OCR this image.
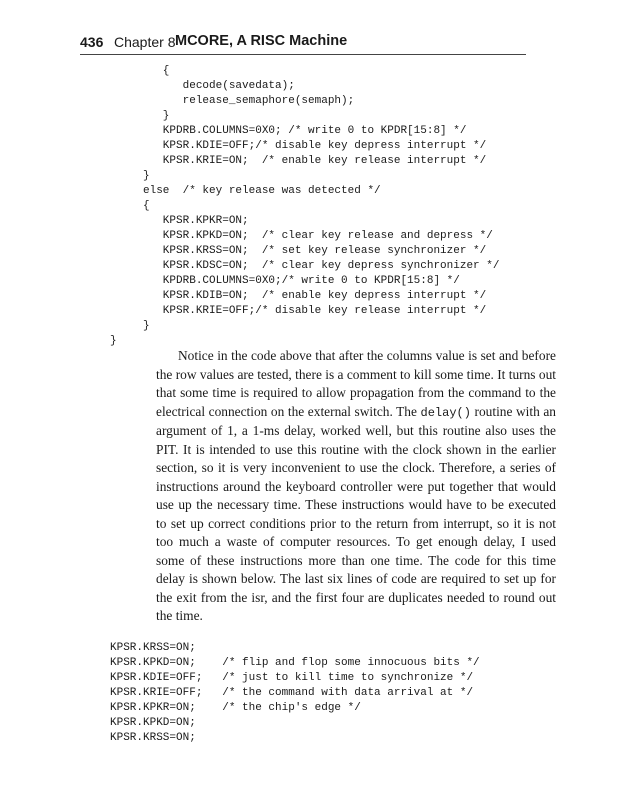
436 Chapter 8 MCORE, A RISC Machine
{
decode(savedata);
release_semaphore(semaph);
}
KPDRB.COLUMNS=0X0; /* write 0 to KPDR[15:8] */
KPSR.KDIE=OFF;/* disable key depress interrupt */
KPSR.KRIE=ON;  /* enable key release interrupt */
}
else  /* key release was detected */
{
KPSR.KPKR=ON;
KPSR.KPKD=ON;  /* clear key release and depress */
KPSR.KRSS=ON;  /* set key release synchronizer */
KPSR.KDSC=ON;  /* clear key depress synchronizer */
KPDRB.COLUMNS=0X0;/* write 0 to KPDR[15:8] */
KPSR.KDIB=ON;  /* enable key depress interrupt */
KPSR.KRIE=OFF;/* disable key release interrupt */
}
}

Notice in the code above that after the columns value is set and before the row values are tested, there is a comment to kill some time. It turns out that some time is required to allow propagation from the command to the electrical connection on the external switch. The delay() routine with an argument of 1, a 1-ms delay, worked well, but this routine also uses the PIT. It is intended to use this routine with the clock shown in the earlier section, so it is very inconvenient to use the clock. Therefore, a series of instructions around the keyboard controller were put together that would use up the necessary time. These instructions would have to be executed to set up correct conditions prior to the return from interrupt, so it is not too much a waste of computer resources. To get enough delay, I used some of these instructions more than one time. The code for this time delay is shown below. The last six lines of code are required to set up for the exit from the isr, and the first four are duplicates needed to round out the time.

KPSR.KRSS=ON;
KPSR.KPKD=ON;    /* flip and flop some innocuous bits */
KPSR.KDIE=OFF;   /* just to kill time to synchronize */
KPSR.KRIE=OFF;   /* the command with data arrival at */
KPSR.KPKR=ON;    /* the chip's edge */
KPSR.KPKD=ON;
KPSR.KRSS=ON;
